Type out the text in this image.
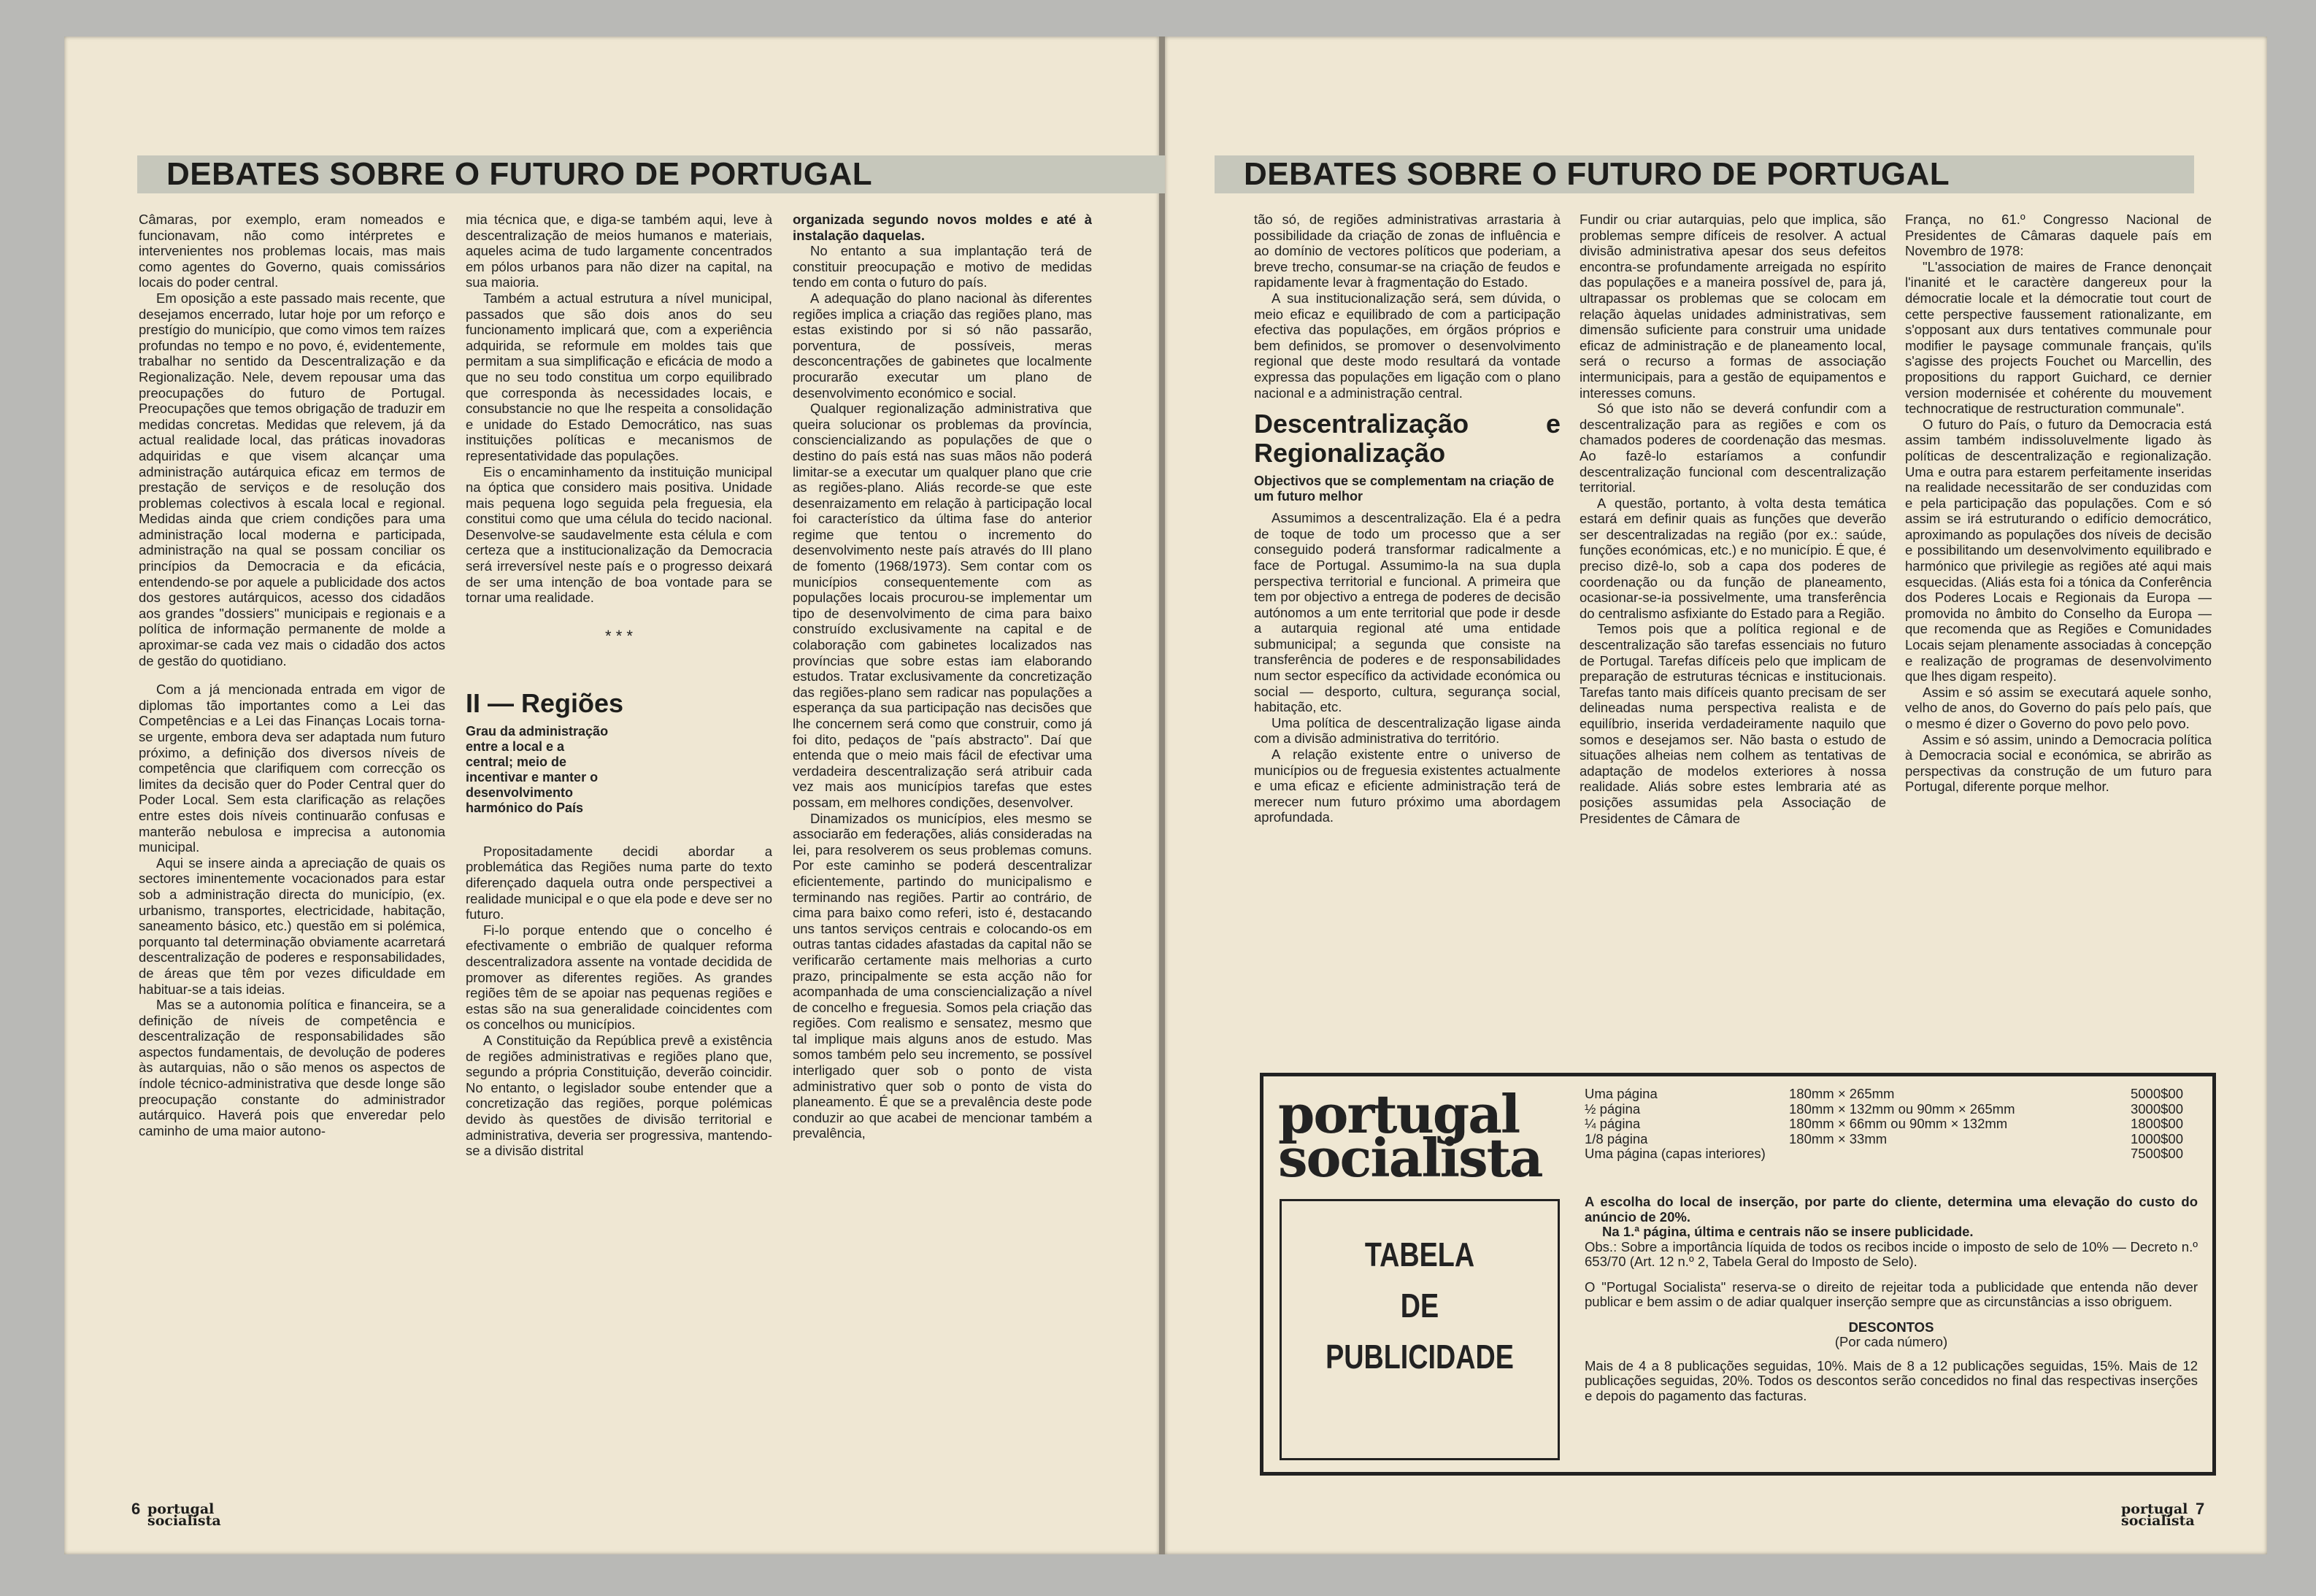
DEBATES SOBRE O FUTURO DE PORTUGAL

Câmaras, por exemplo, eram nomeados e funcionavam, não como intérpretes e intervenientes nos problemas locais, mas mais como agentes do Governo, quais comissários locais do poder central.

Em oposição a este passado mais recente, que desejamos encerrado, lutar hoje por um reforço e prestígio do município, que como vimos tem raízes profundas no tempo e no povo, é, evidentemente, trabalhar no sentido da Descentralização e da Regionalização. Nele, devem repousar uma das preocupações do futuro de Portugal. Preocupações que temos obrigação de traduzir em medidas concretas. Medidas que relevem, já da actual realidade local, das práticas inovadoras adquiridas e que visem alcançar uma administração autárquica eficaz em termos de prestação de serviços e de resolução dos problemas colectivos à escala local e regional. Medidas ainda que criem condições para uma administração local moderna e participada, administração na qual se possam conciliar os princípios da Democracia e da eficácia, entendendo-se por aquele a publicidade dos actos dos gestores autárquicos, acesso dos cidadãos aos grandes "dossiers" municipais e regionais e a política de informação permanente de molde a aproximar-se cada vez mais o cidadão dos actos de gestão do quotidiano.

Com a já mencionada entrada em vigor de diplomas tão importantes como a Lei das Competências e a Lei das Finanças Locais torna-se urgente, embora deva ser adaptada num futuro próximo, a definição dos diversos níveis de competência que clarifiquem com correcção os limites da decisão quer do Poder Central quer do Poder Local. Sem esta clarificação as relações entre estes dois níveis continuarão confusas e manterão nebulosa e imprecisa a autonomia municipal.

Aqui se insere ainda a apreciação de quais os sectores iminentemente vocacionados para estar sob a administração directa do município, (ex. urbanismo, transportes, electricidade, habitação, saneamento básico, etc.) questão em si polémica, porquanto tal determinação obviamente acarretará descentralização de poderes e responsabilidades, de áreas que têm por vezes dificuldade em habituar-se a tais ideias.

Mas se a autonomia política e financeira, se a definição de níveis de competência e descentralização de responsabilidades são aspectos fundamentais, de devolução de poderes às autarquias, não o são menos os aspectos de índole técnico-administrativa que desde longe são preocupação constante do administrador autárquico. Haverá pois que enveredar pelo caminho de uma maior autono-

mia técnica que, e diga-se também aqui, leve à descentralização de meios humanos e materiais, aqueles acima de tudo largamente concentrados em pólos urbanos para não dizer na capital, na sua maioria.

Também a actual estrutura a nível municipal, passados que são dois anos do seu funcionamento implicará que, com a experiência adquirida, se reformule em moldes tais que permitam a sua simplificação e eficácia de modo a que no seu todo constitua um corpo equilibrado que corresponda às necessidades locais, e consubstancie no que lhe respeita a consolidação e unidade do Estado Democrático, nas suas instituições políticas e mecanismos de representatividade das populações.

Eis o encaminhamento da instituição municipal na óptica que considero mais positiva. Unidade mais pequena logo seguida pela freguesia, ela constitui como que uma célula do tecido nacional. Desenvolve-se saudavelmente esta célula e com certeza que a institucionalização da Democracia será irreversível neste país e o progresso deixará de ser uma intenção de boa vontade para se tornar uma realidade.

* * *
II — Regiões
Grau da administração entre a local e a central; meio de incentivar e manter o desenvolvimento harmónico do País

Propositadamente decidi abordar a problemática das Regiões numa parte do texto diferençado daquela outra onde perspectivei a realidade municipal e o que ela pode e deve ser no futuro.

Fi-lo porque entendo que o concelho é efectivamente o embrião de qualquer reforma descentralizadora assente na vontade decidida de promover as diferentes regiões. As grandes regiões têm de se apoiar nas pequenas regiões e estas são na sua generalidade coincidentes com os concelhos ou municípios.

A Constituição da República prevê a existência de regiões administrativas e regiões plano que, segundo a própria Constituição, deverão coincidir. No entanto, o legislador soube entender que a concretização das regiões, porque polémicas devido às questões de divisão territorial e administrativa, deveria ser progressiva, mantendo-se a divisão distrital

organizada segundo novos moldes e até à instalação daquelas.

No entanto a sua implantação terá de constituir preocupação e motivo de medidas tendo em conta o futuro do país.

A adequação do plano nacional às diferentes regiões implica a criação das regiões plano, mas estas existindo por si só não passarão, porventura, de possíveis, meras desconcentrações de gabinetes que localmente procurarão executar um plano de desenvolvimento económico e social.

Qualquer regionalização administrativa que queira solucionar os problemas da província, consciencializando as populações de que o destino do país está nas suas mãos não poderá limitar-se a executar um qualquer plano que crie as regiões-plano. Aliás recorde-se que este desenraizamento em relação à participação local foi característico da última fase do anterior regime que tentou o incremento do desenvolvimento neste país através do III plano de fomento (1968/1973). Sem contar com os municípios consequentemente com as populações locais procurou-se implementar um tipo de desenvolvimento de cima para baixo construído exclusivamente na capital e de colaboração com gabinetes localizados nas províncias que sobre estas iam elaborando estudos. Tratar exclusivamente da concretização das regiões-plano sem radicar nas populações a esperança da sua participação nas decisões que lhe concernem será como que construir, como já foi dito, pedaços de "país abstracto". Daí que entenda que o meio mais fácil de efectivar uma verdadeira descentralização será atribuir cada vez mais aos municípios tarefas que estes possam, em melhores condições, desenvolver.

Dinamizados os municípios, eles mesmo se associarão em federações, aliás consideradas na lei, para resolverem os seus problemas comuns. Por este caminho se poderá descentralizar eficientemente, partindo do municipalismo e terminando nas regiões. Partir ao contrário, de cima para baixo como referi, isto é, destacando uns tantos serviços centrais e colocando-os em outras tantas cidades afastadas da capital não se verificarão certamente mais melhorias a curto prazo, principalmente se esta acção não for acompanhada de uma consciencialização a nível de concelho e freguesia. Somos pela criação das regiões. Com realismo e sensatez, mesmo que tal implique mais alguns anos de estudo. Mas somos também pelo seu incremento, se possível interligado quer sob o ponto de vista administrativo quer sob o ponto de vista do planeamento. É que se a prevalência deste pode conduzir ao que acabei de mencionar também a prevalência,

6 portugal socialista
DEBATES SOBRE O FUTURO DE PORTUGAL

tão só, de regiões administrativas arrastaria à possibilidade da criação de zonas de influência e ao domínio de vectores políticos que poderiam, a breve trecho, consumar-se na criação de feudos e rapidamente levar à fragmentação do Estado.

A sua institucionalização será, sem dúvida, o meio eficaz e equilibrado de com a participação efectiva das populações, em órgãos próprios e bem definidos, se promover o desenvolvimento regional que deste modo resultará da vontade expressa das populações em ligação com o plano nacional e a administração central.

Descentralização e Regionalização
Objectivos que se complementam na criação de um futuro melhor

Assumimos a descentralização. Ela é a pedra de toque de todo um processo que a ser conseguido poderá transformar radicalmente a face de Portugal. Assumimo-la na sua dupla perspectiva territorial e funcional. A primeira que tem por objectivo a entrega de poderes de decisão autónomos a um ente territorial que pode ir desde a autarquia regional até uma entidade submunicipal; a segunda que consiste na transferência de poderes e de responsabilidades num sector específico da actividade económica ou social — desporto, cultura, segurança social, habitação, etc.

Uma política de descentralização ligase ainda com a divisão administrativa do território.

A relação existente entre o universo de municípios ou de freguesia existentes actualmente e uma eficaz e eficiente administração terá de merecer num futuro próximo uma abordagem aprofundada.

Fundir ou criar autarquias, pelo que implica, são problemas sempre difíceis de resolver. A actual divisão administrativa apesar dos seus defeitos encontra-se profundamente arreigada no espírito das populações e a maneira possível de, para já, ultrapassar os problemas que se colocam em relação àquelas unidades administrativas, sem dimensão suficiente para construir uma unidade eficaz de administração e de planeamento local, será o recurso a formas de associação intermunicipais, para a gestão de equipamentos e interesses comuns.

Só que isto não se deverá confundir com a descentralização para as regiões e com os chamados poderes de coordenação das mesmas. Ao fazê-lo estaríamos a confundir descentralização funcional com descentralização territorial.

A questão, portanto, à volta desta temática estará em definir quais as funções que deverão ser descentralizadas na região (por ex.: saúde, funções económicas, etc.) e no município. É que, é preciso dizê-lo, sob a capa dos poderes de coordenação ou da função de planeamento, ocasionar-se-ia possivelmente, uma transferência do centralismo asfixiante do Estado para a Região.

Temos pois que a política regional e de descentralização são tarefas essenciais no futuro de Portugal. Tarefas difíceis pelo que implicam de preparação de estruturas técnicas e institucionais. Tarefas tanto mais difíceis quanto precisam de ser delineadas numa perspectiva realista e de equilíbrio, inserida verdadeiramente naquilo que somos e desejamos ser. Não basta o estudo de situações alheias nem colhem as tentativas de adaptação de modelos exteriores à nossa realidade. Aliás sobre estes lembraria até as posições assumidas pela Associação de Presidentes de Câmara de

França, no 61.º Congresso Nacional de Presidentes de Câmaras daquele país em Novembro de 1978:

"L'association de maires de France denonçait l'inanité et le caractère dangereux pour la démocratie locale et la démocratie tout court de cette perspective faussement rationalizante, em s'opposant aux durs tentatives communale pour modifier le paysage communale français, qu'ils s'agisse des projects Fouchet ou Marcellin, des propositions du rapport Guichard, ce dernier version modernisée et cohérente du mouvement technocratique de restructuration communale".

O futuro do País, o futuro da Democracia está assim também indissoluvelmente ligado às políticas de descentralização e regionalização. Uma e outra para estarem perfeitamente inseridas na realidade necessitarão de ser conduzidas com e pela participação das populações. Com e só assim se irá estruturando o edifício democrático, aproximando as populações dos níveis de decisão e possibilitando um desenvolvimento equilibrado e harmónico que privilegie as regiões até aqui mais esquecidas. (Aliás esta foi a tónica da Conferência dos Poderes Locais e Regionais da Europa — promovida no âmbito do Conselho da Europa — que recomenda que as Regiões e Comunidades Locais sejam plenamente associadas à concepção e realização de programas de desenvolvimento que lhes digam respeito).

Assim e só assim se executará aquele sonho, velho de anos, do Governo do país pelo país, que o mesmo é dizer o Governo do povo pelo povo.

Assim e só assim, unindo a Democracia política à Democracia social e económica, se abrirão as perspectivas da construção de um futuro para Portugal, diferente porque melhor.

portugal socialista
TABELA
DE
PUBLICIDADE
Uma página	180mm × 265mm	5000$00
½ página	180mm × 132mm ou 90mm × 265mm	3000$00
¼ página	180mm × 66mm ou 90mm × 132mm	1800$00
1/8 página	180mm × 33mm	1000$00
Uma página (capas interiores)	7500$00

A escolha do local de inserção, por parte do cliente, determina uma elevação do custo do anúncio de 20%.

Na 1.ª página, última e centrais não se insere publicidade.

Obs.: Sobre a importância líquida de todos os recibos incide o imposto de selo de 10% — Decreto n.º 653/70 (Art. 12 n.º 2, Tabela Geral do Imposto de Selo).

O "Portugal Socialista" reserva-se o direito de rejeitar toda a publicidade que entenda não dever publicar e bem assim o de adiar qualquer inserção sempre que as circunstâncias a isso obriguem.

DESCONTOS
(Por cada número)

Mais de 4 a 8 publicações seguidas, 10%. Mais de 8 a 12 publicações seguidas, 15%. Mais de 12 publicações seguidas, 20%. Todos os descontos serão concedidos no final das respectivas inserções e depois do pagamento das facturas.

portugal socialista
7
